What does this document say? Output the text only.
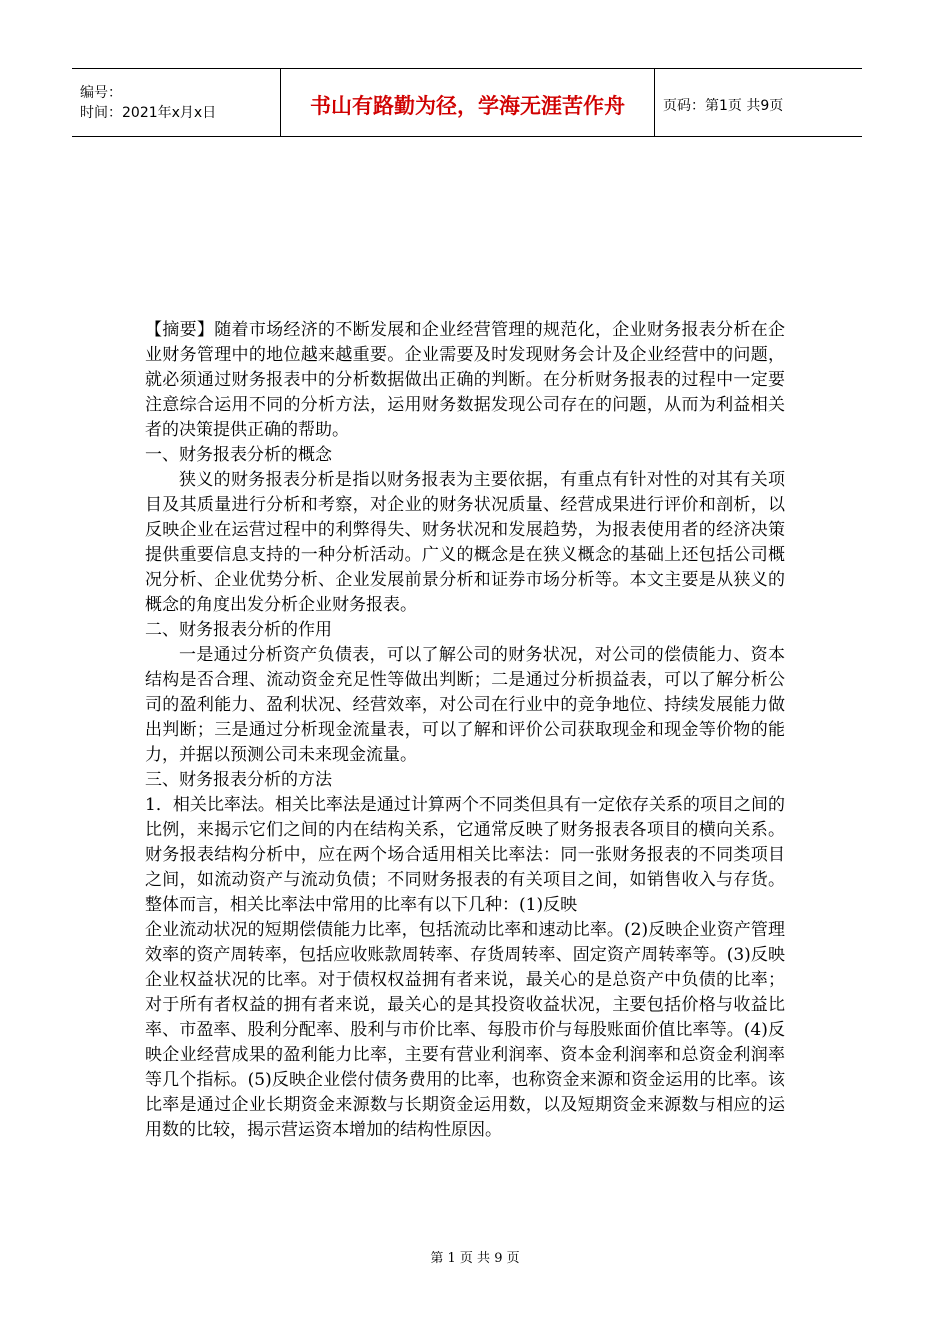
编号：
时间：2021年x月x日	书山有路勤为径，学海无涯苦作舟	页码：第1页 共9页

【摘要】随着市场经济的不断发展和企业经营管理的规范化，企业财务报表分析在企业财务管理中的地位越来越重要。企业需要及时发现财务会计及企业经营中的问题，就必须通过财务报表中的分析数据做出正确的判断。在分析财务报表的过程中一定要注意综合运用不同的分析方法，运用财务数据发现公司存在的问题，从而为利益相关者的决策提供正确的帮助。

一、财务报表分析的概念

狭义的财务报表分析是指以财务报表为主要依据，有重点有针对性的对其有关项目及其质量进行分析和考察，对企业的财务状况质量、经营成果进行评价和剖析，以反映企业在运营过程中的利弊得失、财务状况和发展趋势，为报表使用者的经济决策提供重要信息支持的一种分析活动。广义的概念是在狭义概念的基础上还包括公司概况分析、企业优势分析、企业发展前景分析和证券市场分析等。本文主要是从狭义的概念的角度出发分析企业财务报表。

二、财务报表分析的作用

一是通过分析资产负债表，可以了解公司的财务状况，对公司的偿债能力、资本结构是否合理、流动资金充足性等做出判断；二是通过分析损益表，可以了解分析公司的盈利能力、盈利状况、经营效率，对公司在行业中的竞争地位、持续发展能力做出判断；三是通过分析现金流量表，可以了解和评价公司获取现金和现金等价物的能力，并据以预测公司未来现金流量。

三、财务报表分析的方法

1．相关比率法。相关比率法是通过计算两个不同类但具有一定依存关系的项目之间的比例，来揭示它们之间的内在结构关系，它通常反映了财务报表各项目的横向关系。财务报表结构分析中，应在两个场合适用相关比率法：同一张财务报表的不同类项目之间，如流动资产与流动负债；不同财务报表的有关项目之间，如销售收入与存货。整体而言，相关比率法中常用的比率有以下几种：(1)反映

企业流动状况的短期偿债能力比率，包括流动比率和速动比率。(2)反映企业资产管理效率的资产周转率，包括应收账款周转率、存货周转率、固定资产周转率等。(3)反映企业权益状况的比率。对于债权权益拥有者来说，最关心的是总资产中负债的比率；对于所有者权益的拥有者来说，最关心的是其投资收益状况，主要包括价格与收益比率、市盈率、股利分配率、股利与市价比率、每股市价与每股账面价值比率等。(4)反映企业经营成果的盈利能力比率，主要有营业利润率、资本金利润率和总资金利润率等几个指标。(5)反映企业偿付债务费用的比率，也称资金来源和资金运用的比率。该比率是通过企业长期资金来源数与长期资金运用数，以及短期资金来源数与相应的运用数的比较，揭示营运资本增加的结构性原因。

第 1 页 共 9 页
